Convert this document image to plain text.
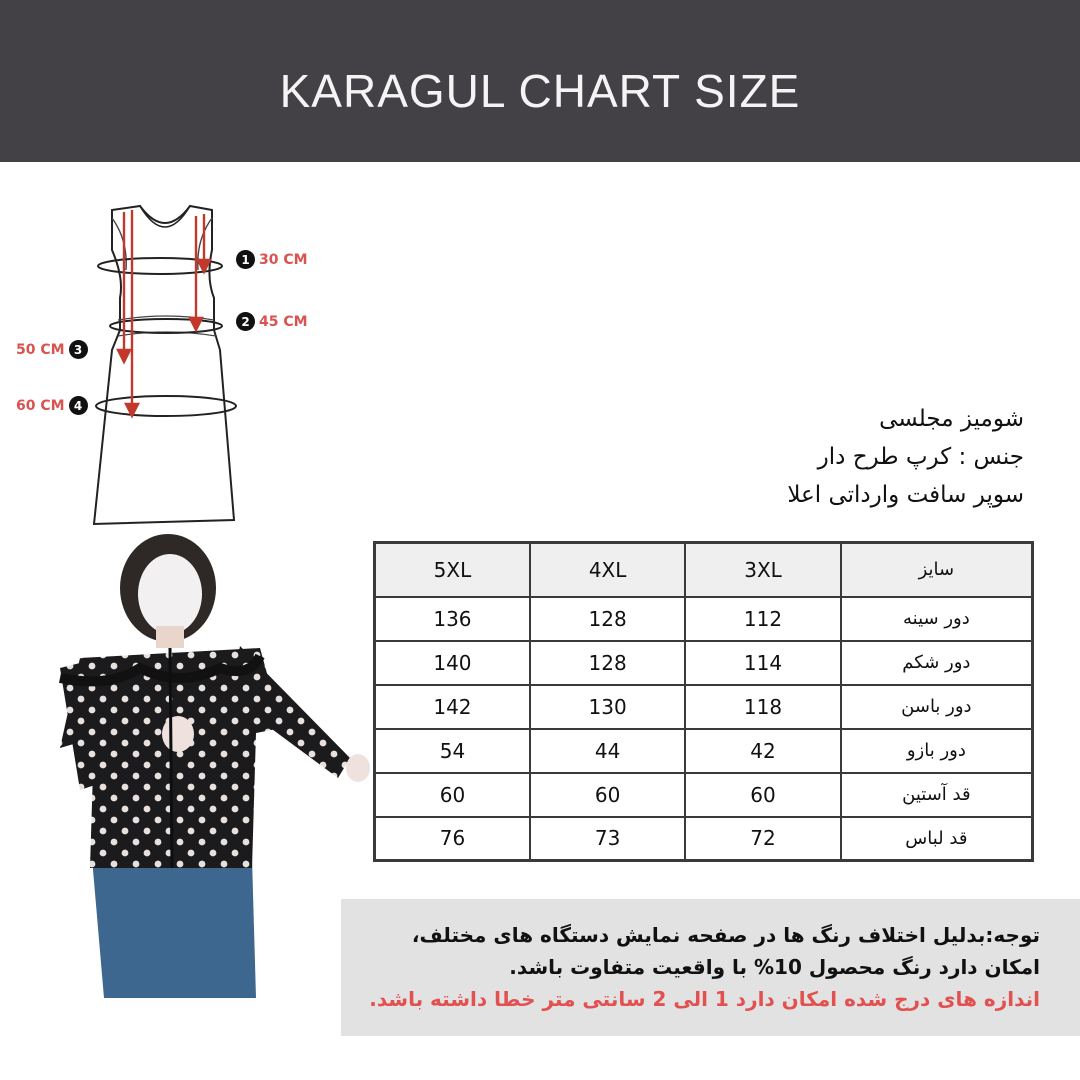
KARAGUL CHART SIZE
1 30 CM
2 45 CM
50 CM 3
60 CM 4
شومیز مجلسی
جنس : کرپ طرح دار
سوپر سافت وارداتی اعلا
5XL	4XL	3XL	سایز
136	128	112	دور سینه
140	128	114	دور شکم
142	130	118	دور باسن
54	44	42	دور بازو
60	60	60	قد آستین
76	73	72	قد لباس
توجه:بدلیل اختلاف رنگ ها در صفحه نمایش دستگاه های مختلف،
امکان دارد رنگ محصول 10% با واقعیت متفاوت باشد.
اندازه های درج شده امکان دارد 1 الی 2 سانتی متر خطا داشته باشد.
